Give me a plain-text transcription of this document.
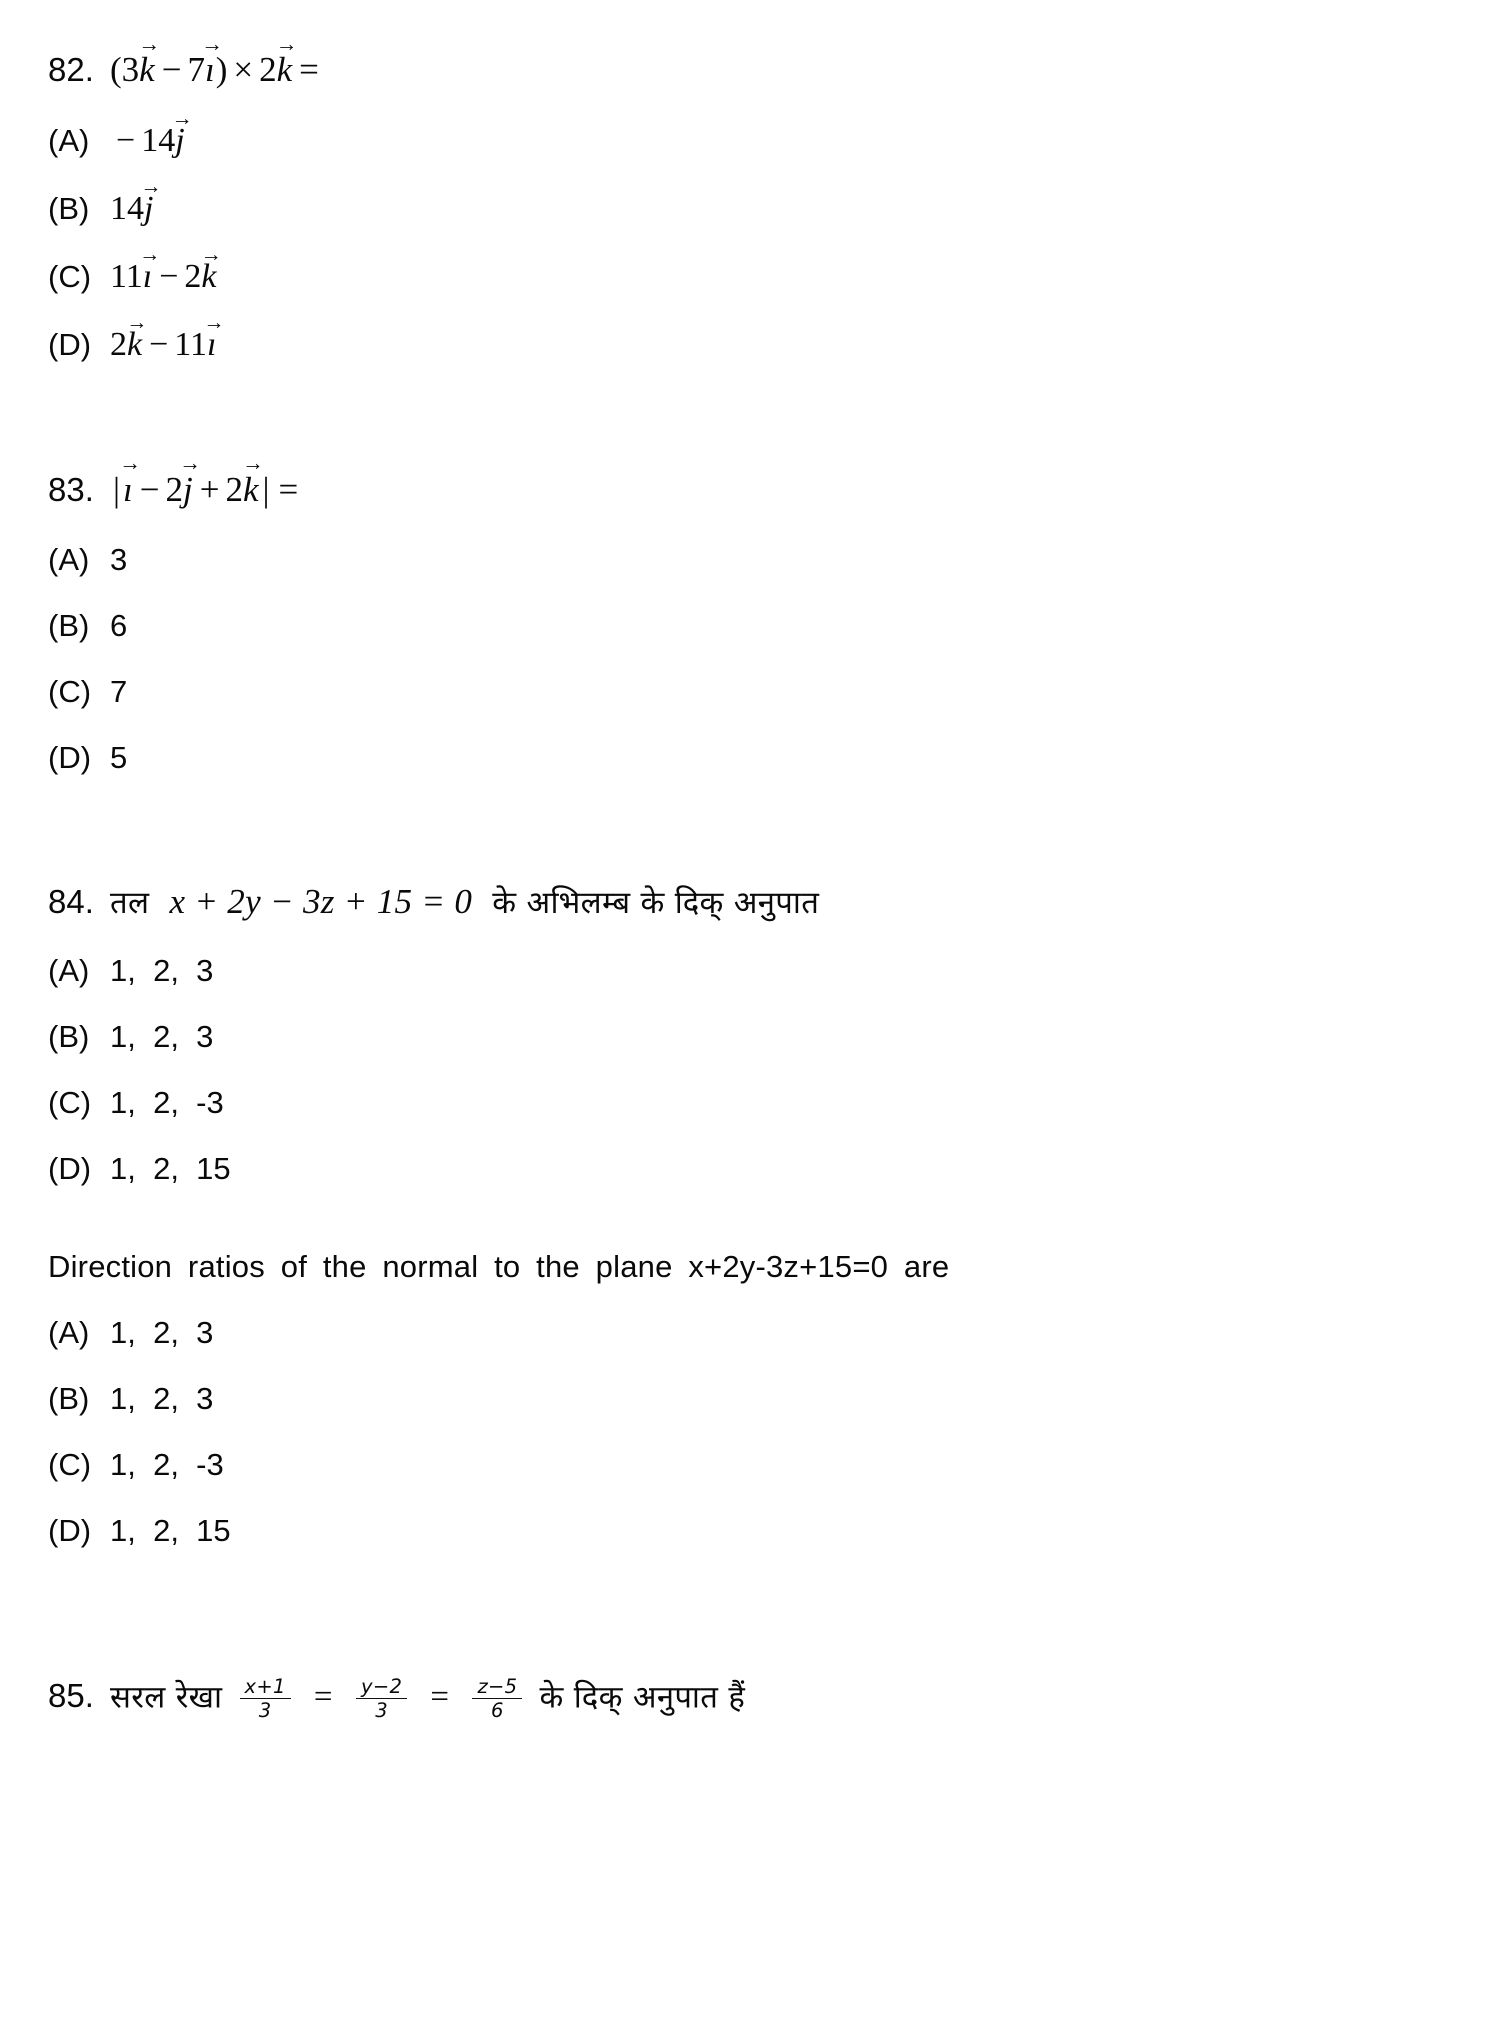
82. (3k → − 7ı →) × 2k → =
(A) − 14j →
(B) 14j →
(C) 11ı → − 2k →
(D) 2k → − 11ı →
83. |ı → − 2j → + 2k → | =
(A) 3
(B) 6
(C) 7
(D) 5
84. तल x + 2y − 3z + 15 = 0 के अभिलम्ब के दिक् अनुपात
(A) 1,  2,  3
(B) 1,  2,  3
(C) 1,  2,  -3
(D) 1,  2,  15
Direction ratios of the normal to the plane x+2y-3z+15=0 are
(A) 1,  2,  3
(B) 1,  2,  3
(C) 1,  2,  -3
(D) 1,  2,  15
85. सरल रेखा $\frac{x+1}{3} = \frac{y-2}{3} = \frac{z-5}{6}$ के दिक् अनुपात हैं
